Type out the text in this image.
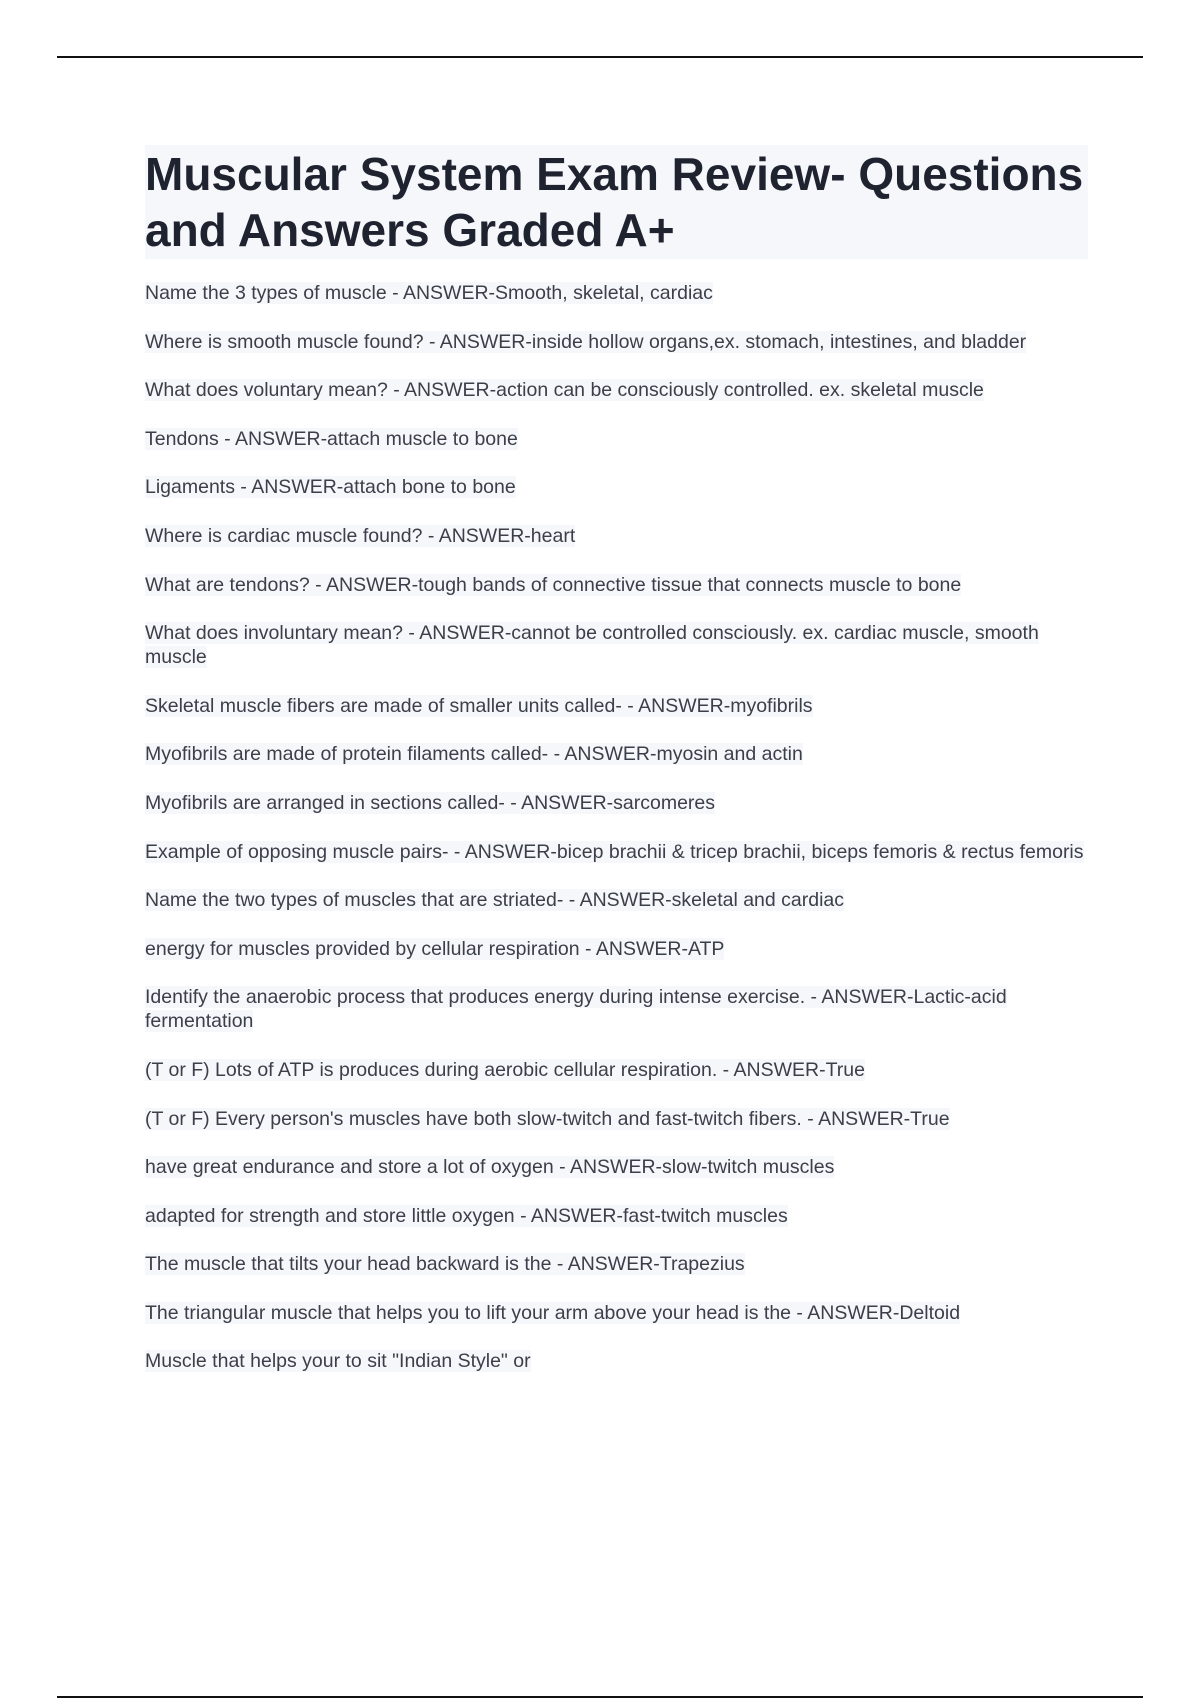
Muscular System Exam Review- Questions and Answers Graded A+
Name the 3 types of muscle - ANSWER-Smooth, skeletal, cardiac
Where is smooth muscle found? - ANSWER-inside hollow organs,ex. stomach, intestines, and bladder
What does voluntary mean? - ANSWER-action can be consciously controlled. ex. skeletal muscle
Tendons - ANSWER-attach muscle to bone
Ligaments - ANSWER-attach bone to bone
Where is cardiac muscle found? - ANSWER-heart
What are tendons? - ANSWER-tough bands of connective tissue that connects muscle to bone
What does involuntary mean? - ANSWER-cannot be controlled consciously. ex. cardiac muscle, smooth muscle
Skeletal muscle fibers are made of smaller units called- - ANSWER-myofibrils
Myofibrils are made of protein filaments called- - ANSWER-myosin and actin
Myofibrils are arranged in sections called- - ANSWER-sarcomeres
Example of opposing muscle pairs- - ANSWER-bicep brachii & tricep brachii, biceps femoris & rectus femoris
Name the two types of muscles that are striated- - ANSWER-skeletal and cardiac
energy for muscles provided by cellular respiration - ANSWER-ATP
Identify the anaerobic process that produces energy during intense exercise. - ANSWER-Lactic-acid fermentation
(T or F) Lots of ATP is produces during aerobic cellular respiration. - ANSWER-True
(T or F) Every person's muscles have both slow-twitch and fast-twitch fibers. - ANSWER-True
have great endurance and store a lot of oxygen - ANSWER-slow-twitch muscles
adapted for strength and store little oxygen - ANSWER-fast-twitch muscles
The muscle that tilts your head backward is the - ANSWER-Trapezius
The triangular muscle that helps you to lift your arm above your head is the - ANSWER-Deltoid
Muscle that helps your to sit "Indian Style" or
